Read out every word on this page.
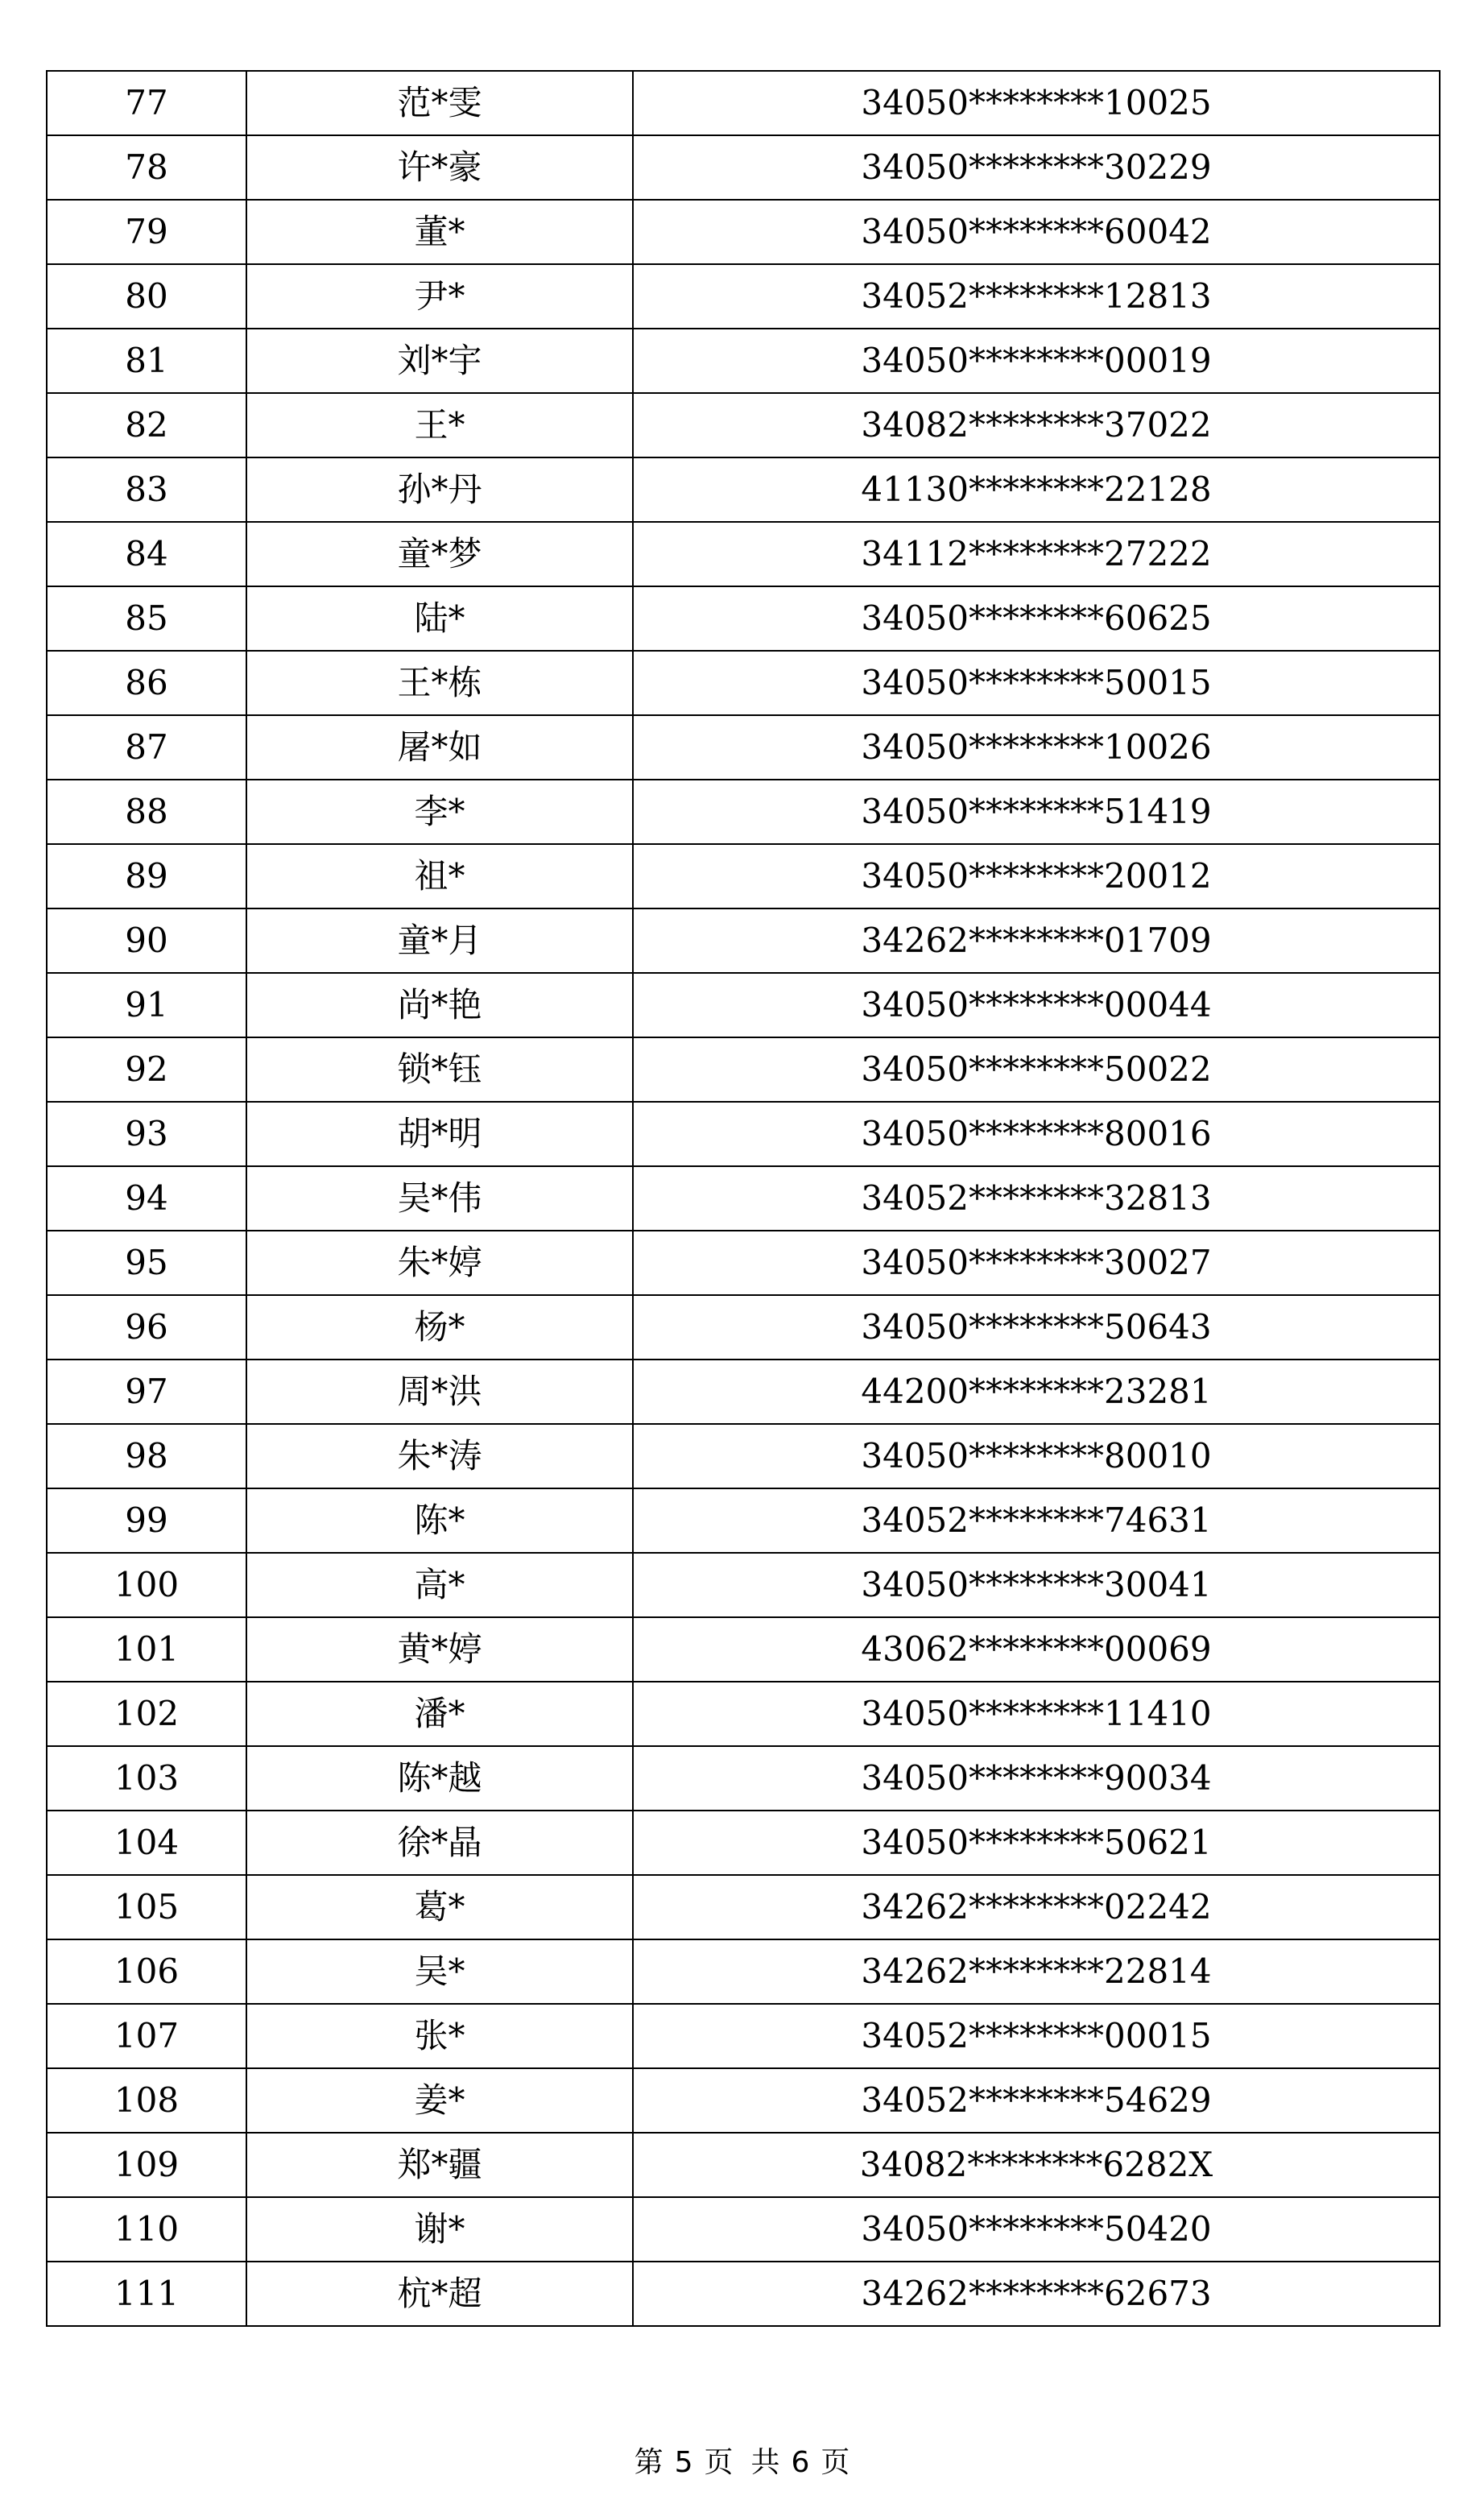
77	范*雯	34050********10025
78	许*豪	34050********30229
79	董*	34050********60042
80	尹*	34052********12813
81	刘*宇	34050********00019
82	王*	34082********37022
83	孙*丹	41130********22128
84	童*梦	34112********27222
85	陆*	34050********60625
86	王*栋	34050********50015
87	屠*如	34050********10026
88	李*	34050********51419
89	祖*	34050********20012
90	童*月	34262********01709
91	尚*艳	34050********00044
92	锁*钰	34050********50022
93	胡*明	34050********80016
94	吴*伟	34052********32813
95	朱*婷	34050********30027
96	杨*	34050********50643
97	周*洪	44200********23281
98	朱*涛	34050********80010
99	陈*	34052********74631
100	高*	34050********30041
101	黄*婷	43062********00069
102	潘*	34050********11410
103	陈*越	34050********90034
104	徐*晶	34050********50621
105	葛*	34262********02242
106	吴*	34262********22814
107	张*	34052********00015
108	姜*	34052********54629
109	郑*疆	34082********6282X
110	谢*	34050********50420
111	杭*超	34262********62673
第 5 页 共 6 页
